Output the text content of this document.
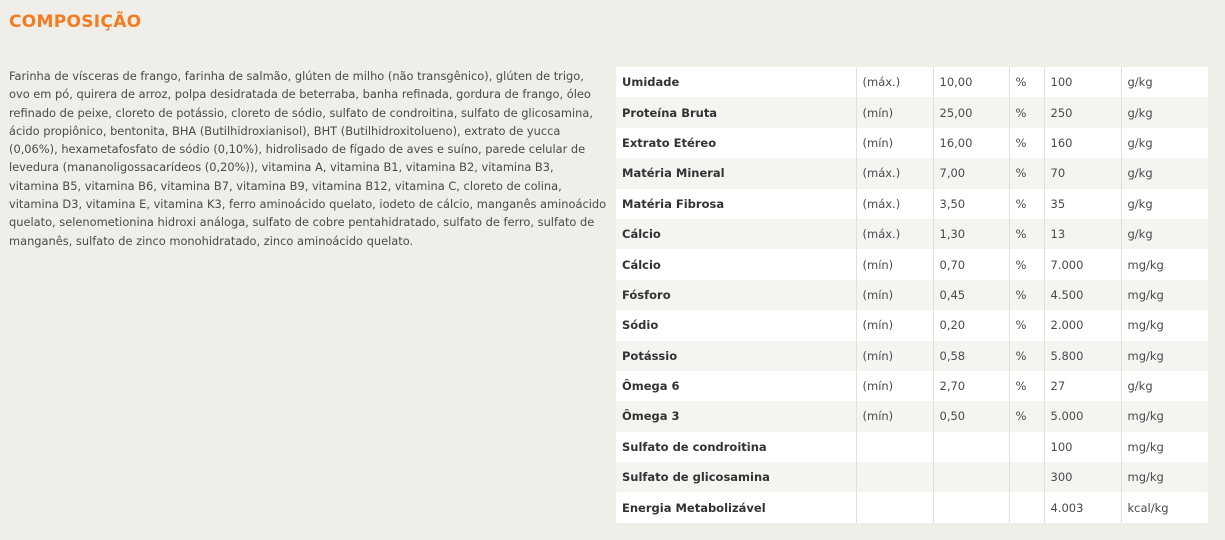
COMPOSIÇÃO

Farinha de vísceras de frango, farinha de salmão, glúten de milho (não transgênico), glúten de trigo, ovo em pó, quirera de arroz, polpa desidratada de beterraba, banha refinada, gordura de frango, óleo refinado de peixe, cloreto de potássio, cloreto de sódio, sulfato de condroitina, sulfato de glicosamina, ácido propiônico, bentonita, BHA (Butilhidroxianisol), BHT (Butilhidroxitolueno), extrato de yucca (0,06%), hexametafosfato de sódio (0,10%), hidrolisado de fígado de aves e suíno, parede celular de levedura (mananoligossacarídeos (0,20%)), vitamina A, vitamina B1, vitamina B2, vitamina B3, vitamina B5, vitamina B6, vitamina B7, vitamina B9, vitamina B12, vitamina C, cloreto de colina, vitamina D3, vitamina E, vitamina K3, ferro aminoácido quelato, iodeto de cálcio, manganês aminoácido quelato, selenometionina hidroxi análoga, sulfato de cobre pentahidratado, sulfato de ferro, sulfato de manganês, sulfato de zinco monohidratado, zinco aminoácido quelato.

Umidade	(máx.)	10,00	%	100	g/kg
Proteína Bruta	(mín)	25,00	%	250	g/kg
Extrato Etéreo	(mín)	16,00	%	160	g/kg
Matéria Mineral	(máx.)	7,00	%	70	g/kg
Matéria Fibrosa	(máx.)	3,50	%	35	g/kg
Cálcio	(máx.)	1,30	%	13	g/kg
Cálcio	(mín)	0,70	%	7.000	mg/kg
Fósforo	(mín)	0,45	%	4.500	mg/kg
Sódio	(mín)	0,20	%	2.000	mg/kg
Potássio	(mín)	0,58	%	5.800	mg/kg
Ômega 6	(mín)	2,70	%	27	g/kg
Ômega 3	(mín)	0,50	%	5.000	mg/kg
Sulfato de condroitina				100	mg/kg
Sulfato de glicosamina				300	mg/kg
Energia Metabolizável				4.003	kcal/kg
